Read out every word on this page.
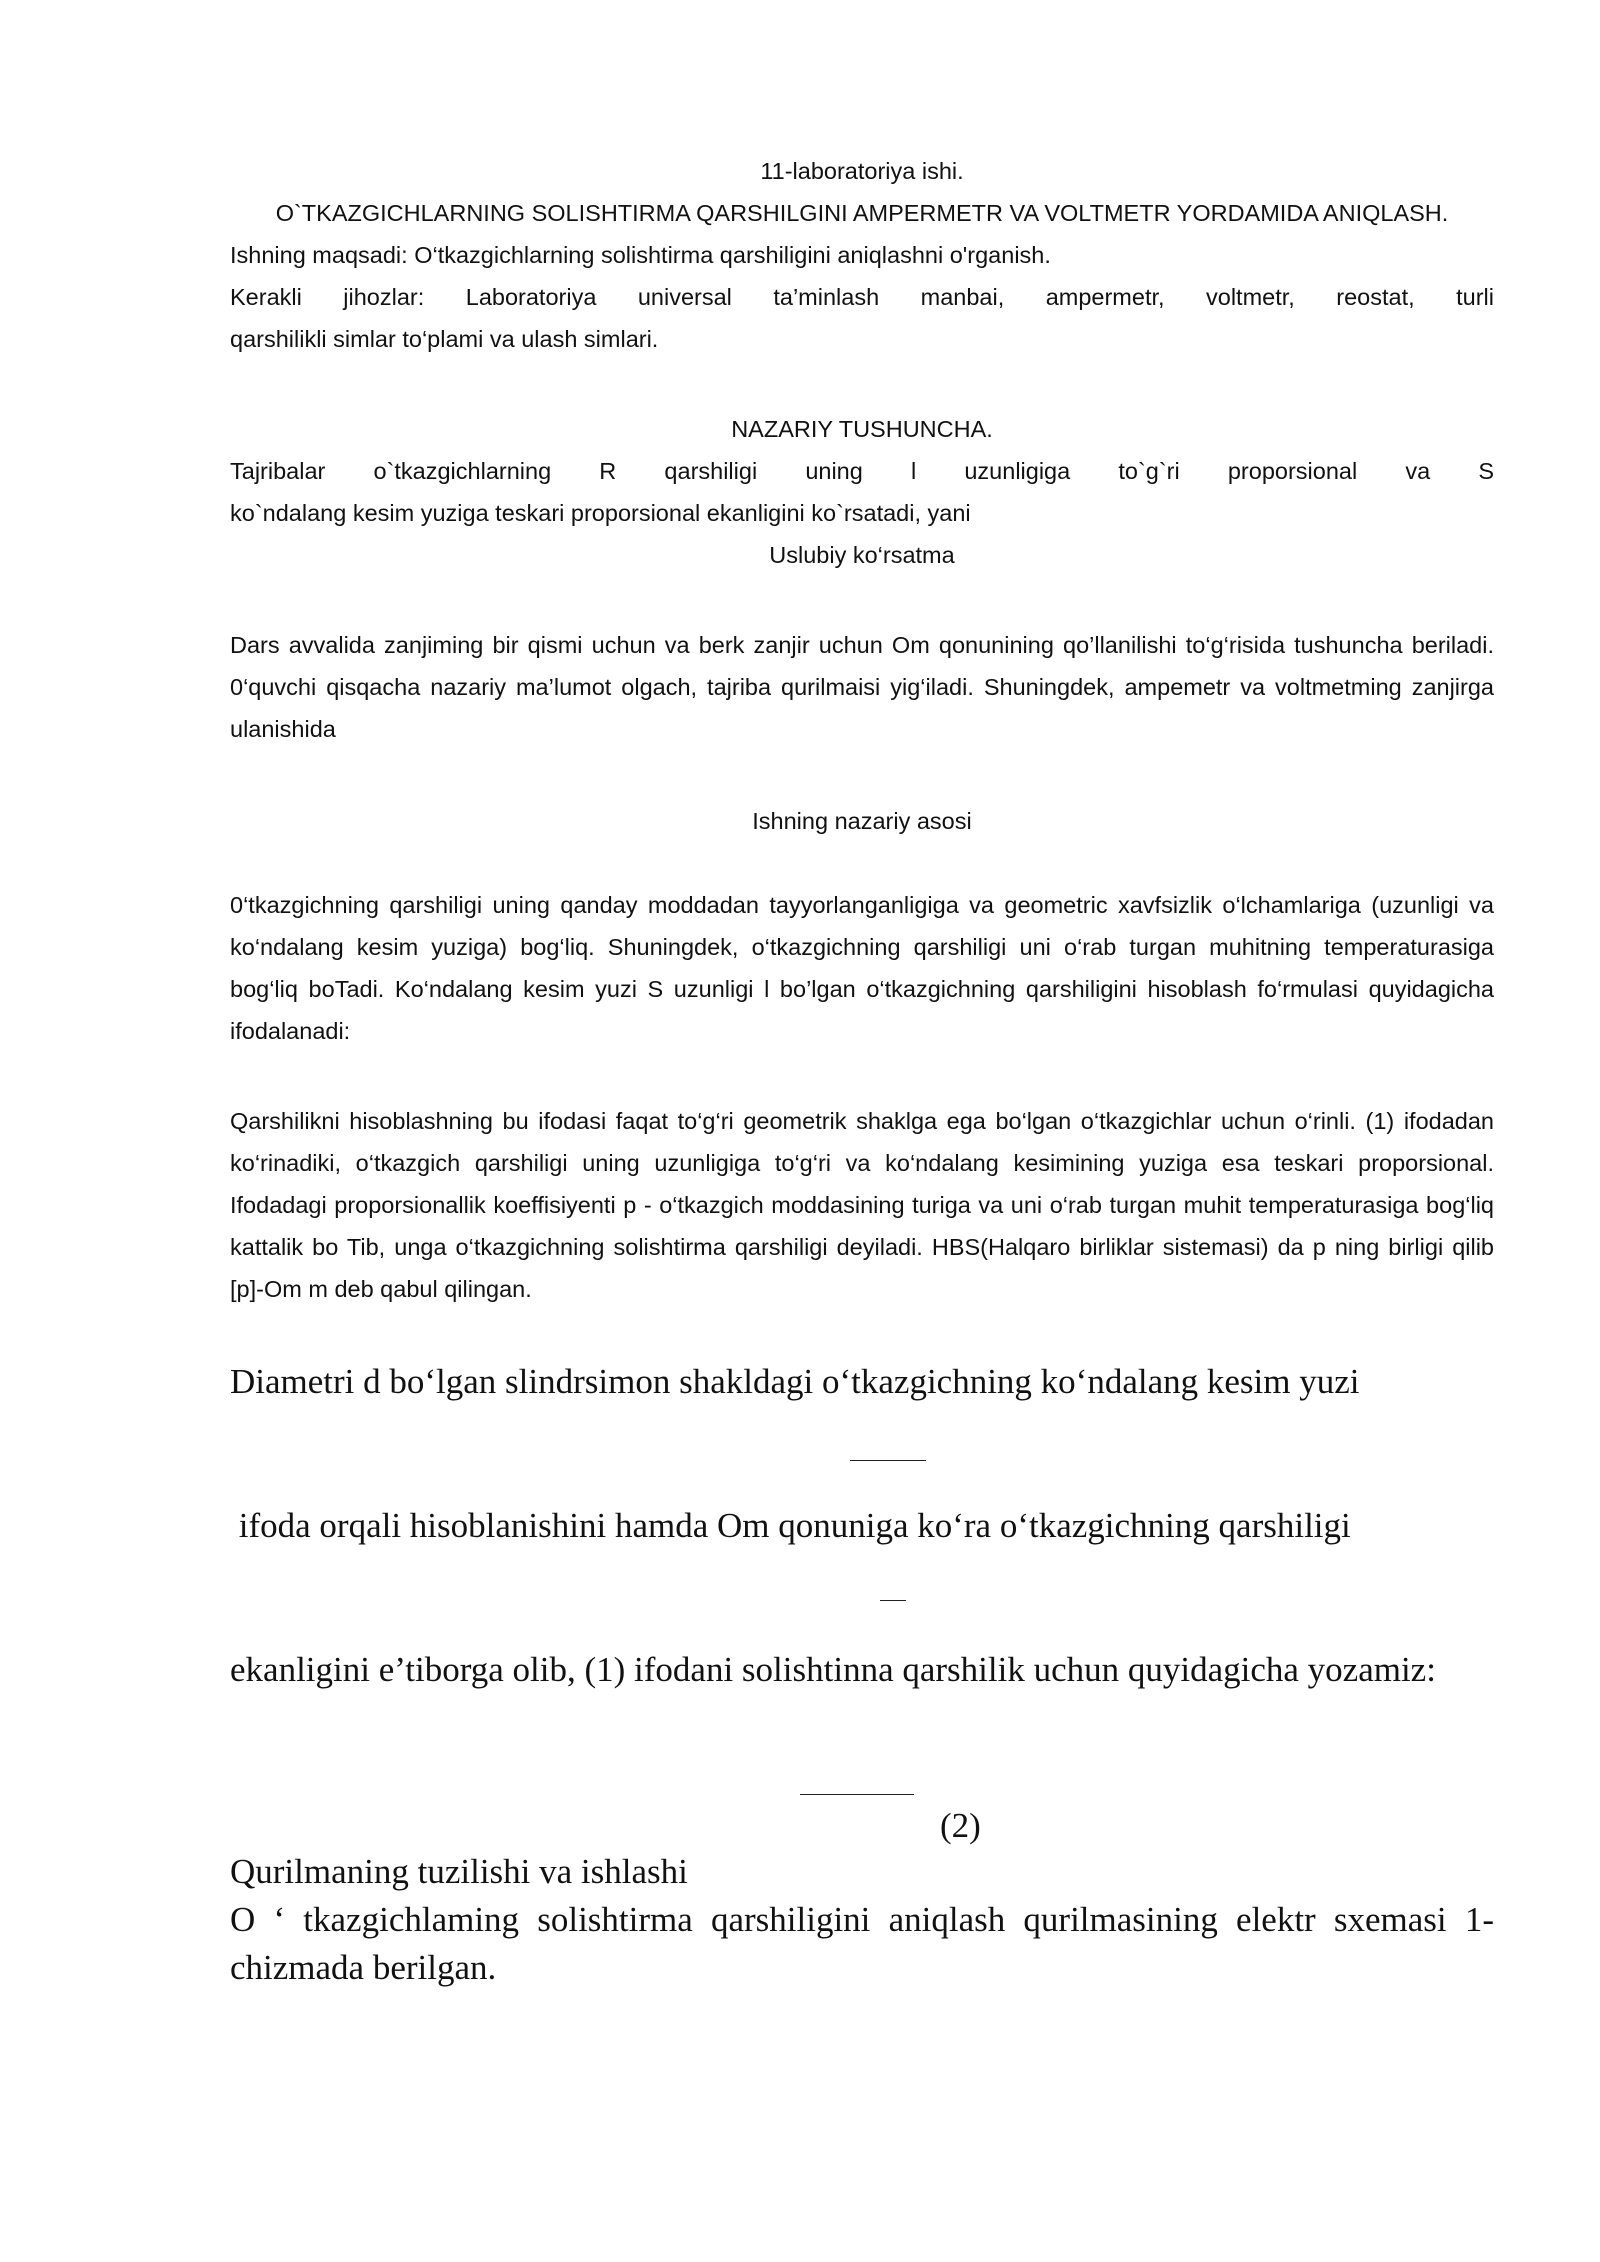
11-laboratoriya ishi.
O`TKAZGICHLARNING SOLISHTIRMA QARSHILGINI AMPERMETR VA VOLTMETR YORDAMIDA ANIQLASH.
Ishning maqsadi: O‘tkazgichlarning solishtirma qarshiligini aniqlashni o'rganish.
Kerakli jihozlar: Laboratoriya universal ta’minlash manbai, ampermetr, voltmetr, reostat, turli
qarshilikli simlar to‘plami va ulash simlari.
NAZARIY TUSHUNCHA.
Tajribalar o`tkazgichlarning R qarshiligi uning l uzunligiga to`g`ri proporsional va S
ko`ndalang kesim yuziga teskari proporsional ekanligini ko`rsatadi, yani
Uslubiy ko‘rsatma
Dars avvalida zanjiming bir qismi uchun va berk zanjir uchun Om qonunining qo’llanilishi to‘g‘risida tushuncha beriladi. 0‘quvchi qisqacha nazariy ma’lumot olgach, tajriba qurilmaisi yig‘iladi. Shuningdek, ampemetr va voltmetming zanjirga ulanishida
Ishning nazariy asosi
0‘tkazgichning qarshiligi uning qanday moddadan tayyorlanganligiga va geometric xavfsizlik o‘lchamlariga (uzunligi va ko‘ndalang kesim yuziga) bog‘liq. Shuningdek, o‘tkazgichning qarshiligi uni o‘rab turgan muhitning temperaturasiga bog‘liq boTadi. Ko‘ndalang kesim yuzi S uzunligi l bo’lgan o‘tkazgichning qarshiligini hisoblash fo‘rmulasi quyidagicha ifodalanadi:
Qarshilikni hisoblashning bu ifodasi faqat to‘g‘ri geometrik shaklga ega bo‘lgan o‘tkazgichlar uchun o‘rinli. (1) ifodadan ko‘rinadiki, o‘tkazgich qarshiligi uning uzunligiga to‘g‘ri va ko‘ndalang kesimining yuziga esa teskari proporsional. Ifodadagi proporsionallik koeffisiyenti p - o‘tkazgich moddasining turiga va uni o‘rab turgan muhit temperaturasiga bog‘liq kattalik bo Tib, unga o‘tkazgichning solishtirma qarshiligi deyiladi. HBS(Halqaro birliklar sistemasi) da p ning birligi qilib [p]-Om m deb qabul qilingan.
Diametri d bo‘lgan slindrsimon shakldagi o‘tkazgichning ko‘ndalang kesim yuzi
ifoda orqali hisoblanishini hamda Om qonuniga ko‘ra o‘tkazgichning qarshiligi
ekanligini e’tiborga olib, (1) ifodani solishtinna qarshilik uchun quyidagicha yozamiz:
(2)
Qurilmaning tuzilishi va ishlashi
O ‘ tkazgichlaming solishtirma qarshiligini aniqlash qurilmasining elektr sxemasi 1- chizmada berilgan.
